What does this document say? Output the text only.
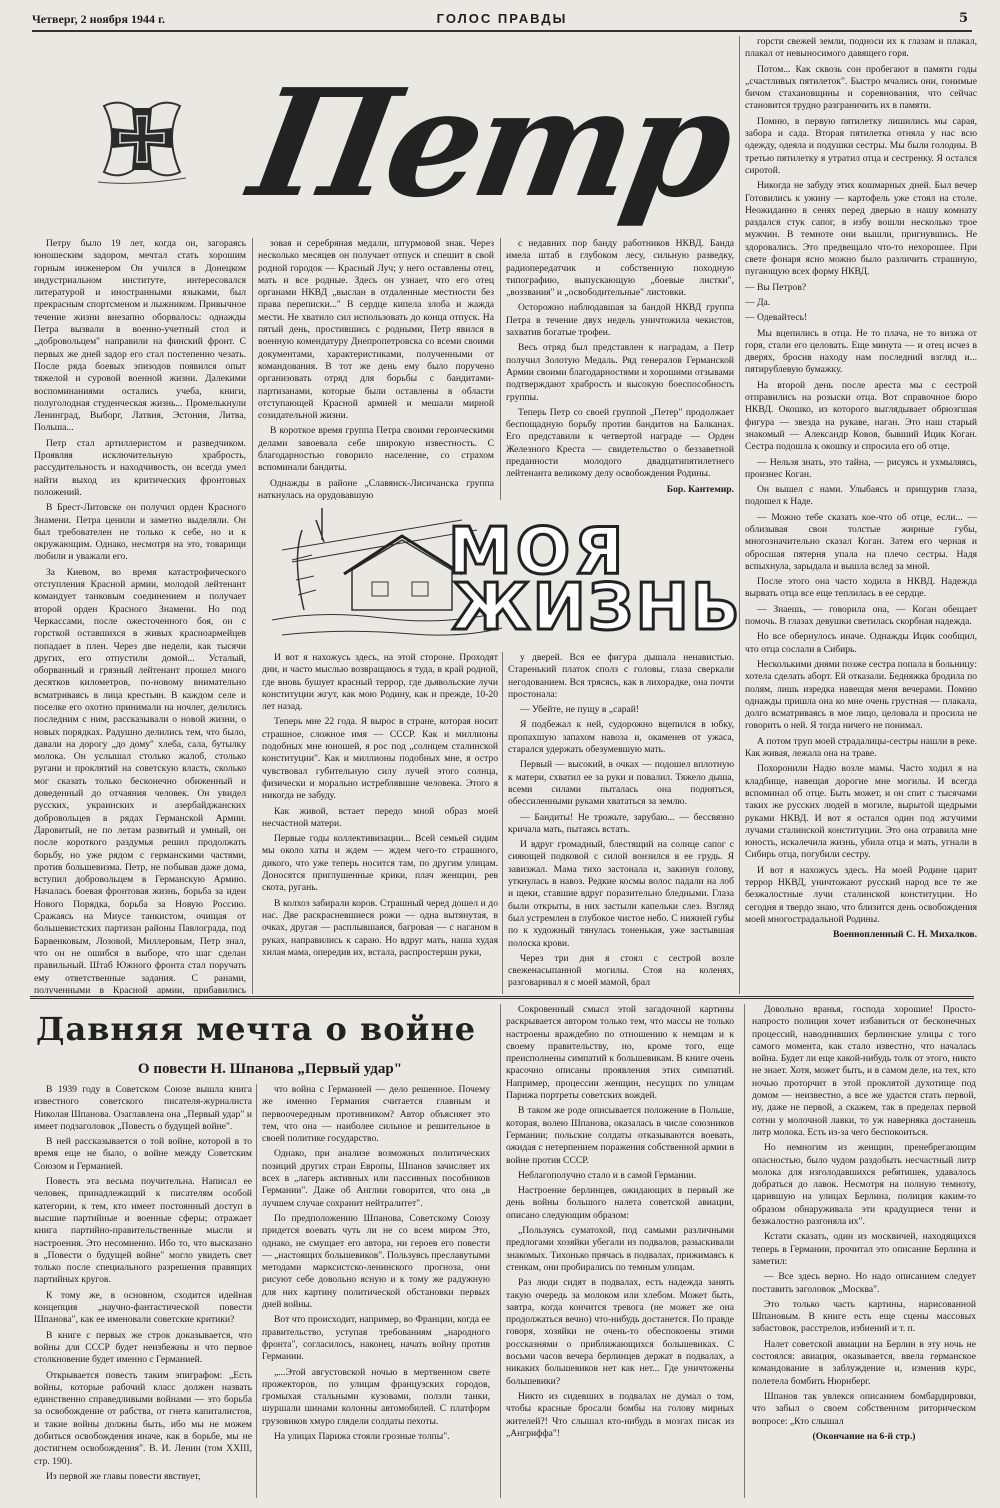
Четверг, 2 ноября 1944 г.	ГОЛОС ПРАВДЫ	5
Петр

Петру было 19 лет, когда он, загораясь юношеским задором, мечтал стать хорошим горным инженером Он учился в Донецком индустриальном институте, интересовался литературой и иностранными языками, был прекрасным спортсменом и лыжником. Привычное течение жизни внезапно оборвалось: однажды Петра вызвали в военно-учетный стол и „добровольцем" направили на финский фронт. С первых же дней задор его стал постепенно чезать. После ряда боевых эпизодов появился опыт тяжелой и суровой военной жизни. Далекими воспоминаниями остались учеба, книги, полуголодная студенческая жизнь... Промелькнули Ленинград, Выборг, Латвия, Эстония, Литва, Польша...

Петр стал артиллеристом и разведчиком. Проявляя исключительную храбрость, рассудительность и находчивость, он всегда умел найти выход из критических фронтовых положений.

В Брест-Литовске он получил орден Красного Знамени. Петра ценили и заметно выделяли. Он был требователен не только к себе, но и к окружающим. Однако, несмотря на это, товарищи любили и уважали его.

За Киевом, во время катастрофического отступления Красной армии, молодой лейтенант командует танковым соединением и получает второй орден Красного Знамени. Но под Черкассами, после ожесточенного боя, он с горсткой оставшихся в живых красноармейцев попадает в плен. Через две недели, как тысячи других, его отпустили домой... Усталый, оборванный и грязный лейтенант прошел много десятков километров, по-новому внимательно всматриваясь в лица крестьян. В каждом селе и поселке его охотно принимали на ночлег, делились последним с ним, рассказывали о новой жизни, о новых порядках. Радушно делились тем, что было, давали на дорогу „до дому" хлеба, сала, бутылку молока. Он услышал столько жалоб, столько ругани и проклятий на советскую власть, сколько мог сказать только бесконечно обиженный и доведенный до отчаяния человек. Он увидел русских, украинских и азербайджанских добровольцев в рядах Германской Армии. Даровитый, не по летам развитый и умный, он после короткого раздумья решил продолжать борьбу, но уже рядом с германскими частями, против большевизма. Петр, не побывав даже дома, вступил добровольцем в Германскую Армию. Началась боевая фронтовая жизнь, борьба за идеи Нового Порядка, борьба за Новую Россию. Сражаясь на Миусе танкистом, очищая от большевистских партизан районы Павлограда, под Барвенковым, Лозовой, Миллеровым, Петр знал, что он не ошибся в выборе, что шаг сделан правильный. Штаб Южного фронта стал поручать ему ответственные задания. С ранами, полученными в Красной армии, прибавились

зовая и серебряная медали, штурмовой знак. Через несколько месяцев он получает отпуск и спешит в свой родной городок — Красный Луч; у него оставлены отец, мать и все родные. Здесь он узнает, что его отец органами НКВД „выслан в отдаленные местности без права переписки..." В сердце кипела злоба и жажда мести. Не хватило сил использовать до конца отпуск. На пятый день, простившись с родными, Петр явился в военную комендатуру Днепропетровска со всеми своими документами, характеристиками, полученными от командования. В тот же день ему было поручено организовать отряд для борьбы с бандитами-партизанами, которые были оставлены в области отступающей Красной армией и мешали мирной созидательной жизни.

В короткое время группа Петра своими героическими делами завоевала себе широкую известность. С благодарностью говорило население, со страхом вспоминали бандиты.

Однажды в районе „Славянск-Лисичанска группа наткнулась на орудовавшую

с недавних пор банду работников НКВД. Банда имела штаб в глубоком лесу, сильную разведку, радиопередатчик и собственную походную типографию, выпускающую „боевые листки", „воззвания" и „освободительные" листовки.

Осторожно наблюдавшая за бандой НКВД группа Петра в течение двух недель уничтожила чекистов, захватив богатые трофеи.

Весь отряд был представлен к наградам, а Петр получил Золотую Медаль. Ряд генералов Германской Армии своими благодарностями и хорошими отзывами подтверждают храбрость и высокую боеспособность группы.

Теперь Петр со своей группой „Петер" продолжает беспощадную борьбу против бандитов на Балканах. Его представили к четвертой награде — Орден Железного Креста — свидетельство о беззаветной преданности молодого двадцатипятилетнего лейтенанта великому делу освобождения Родины.

Бор. Кантемир.

МОЯ
ЖИЗНЬ

И вот я нахожусь здесь, на этой стороне. Проходят дни, и часто мыслью возвращаюсь я туда, в край родной, где вновь бушует красный террор, где дьявольские лучи конституции жгут, как мою Родину, как и прежде, 10-20 лет назад.

Теперь мне 22 года. Я вырос в стране, которая носит страшное, сложное имя — СССР. Как и миллионы подобных мне юношей, я рос под „солнцем сталинской конституции". Как и миллионы подобных мне, я остро чувствовал губительную силу лучей этого солнца, физически и морально истреблявшие человека. Этого я никогда не забуду.

Как живой, встает передо мной образ моей несчастной матери.

Первые годы коллективизации... Всей семьей сидим мы около хаты и ждем — ждем чего-то страшного, дикого, что уже теперь носится там, по другим улицам. Доносятся приглушенные крики, плач женщин, рев скота, ругань.

В колхоз забирали коров. Страшный черед дошел и до нас. Две раскрасневшиеся рожи — одна вытянутая, в очках, другая — расплывшаяся, багровая — с наганом в руках, направились к сараю. Но вдруг мать, наша худая хилая мама, опередив их, встала, распростерши руки,

у дверей. Вся ее фигура дышала ненавистью. Старенький платок сполз с головы, глаза сверкали негодованием. Вся трясясь, как в лихорадке, она почти простонала:

— Убейте, не пущу в „сарай!

Я подбежал к ней, судорожно вцепился в юбку, пропахшую запахом навоза и, окаменев от ужаса, старался удержать обезумевшую мать.

Первый — высокий, в очках — подошел вплотную к матери, схватил ее за руки и повалил. Тяжело дыша, всеми силами пыталась она подняться, обессиленными руками хвататься за землю.

— Бандиты! Не трожьте, зарубаю... — бессвязно кричала мать, пытаясь встать.

И вдруг громадный, блестящий на солнце сапог с сияющей подковой с силой вонзился в ее грудь. Я завизжал. Мама тихо застонала и, закинув голову, уткнулась в навоз. Редкие космы волос падали на лоб и щеки, ставшие вдруг поразительно бледными. Глаза были открыты, в них застыли капельки слез. Взгляд был устремлен в глубокое чистое небо. С нижней губы по к художный тянулась тоненькая, уже застывшая полоска крови.

Через три дня я стоял с сестрой возле свеженасыпанной могилы. Стоя на коленях, разговаривал я с моей мамой, брал

горсти свежей земли, подноси их к глазам и плакал, плакал от невыносимого давящего горя.

Потом... Как сквозь сон пробегают в памяти годы „счастливых пятилеток". Быстро мчались они, гонимые бичом стахановщины и соревнования, что сейчас становится трудно разграничить их в памяти.

Помню, в первую пятилетку лишились мы сарая, забора и сада. Вторая пятилетка отняла у нас всю одежду, одеяла и подушки сестры. Мы были голодны. В третью пятилетку я утратил отца и сестренку. Я остался сиротой.

Никогда не забуду этих кошмарных дней. Был вечер Готовились к ужину — картофель уже стоял на столе. Неожиданно в сенях перед дверью в нашу комнату раздался стук сапог, в избу вошли несколько трое мужчин. В темноте они вышли, пригнувшись. Не здоровались. Это предвещало что-то нехорошее. При свете фонаря ясно можно было различить страшную, пугающую всех форму НКВД.

— Вы Петров?

— Да.

— Одевайтесь!

Мы вцепились в отца. Не то плача, не то визжа от горя, стали его целовать. Еще минута — и отец исчез в дверях, бросив находу нам последний взгляд и... пятирублевую бумажку.

На второй день после ареста мы с сестрой отправились на розыски отца. Вот справочное бюро НКВД. Окошко, из которого выглядывает обрюзгшая фигура — звезда на рукаве, наган. Это наш старый знакомый — Александр Ковов, бывший Ицик Коган. Сестра подошла к окошку и спросила его об отце.

— Нельзя знать, это тайна, — рисуясь и ухмыляясь, произнес Коган.

Он вышел с нами. Улыбаясь и прищурив глаза, подошел к Наде.

— Можно тебе сказать кое-что об отце, если... — облизывая свои толстые жирные губы, многозначительно сказал Коган. Затем его черная и обросшая пятерня упала на плечо сестры. Надя вспыхнула, зарыдала и вышла вслед за мной.

После этого она часто ходила в НКВД. Надежда вырвать отца все еще теплилась в ее сердце.

— Знаешь, — говорила она, — Коган обещает помочь. В глазах девушки светилась скорбная надежда.

Но все обернулось иначе. Однажды Ицик сообщил, что отца сослали в Сибирь.

Несколькими днями позже сестра попала в больницу: хотела сделать аборт. Ей отказали. Бедняжка бродила по полям, лишь изредка навещая меня вечерами. Помню однажды пришла она ко мне очень грустная — плакала, долго всматриваясь в мое лицо, целовала и просила не говорить о ней. Я тогда ничего не понимал.

А потом труп моей страдалицы-сестры нашли в реке. Как живая, лежала она на траве.

Похоронили Надю возле мамы. Часто ходил я на кладбище, навещая дорогие мне могилы. И всегда вспоминал об отце. Быть может, и он спит с тысячами таких же русских людей в могиле, вырытой щедрыми руками НКВД. И вот я остался один под жгучими лучами сталинской конституции. Это она отравила мне юность, искалечила жизнь, убила отца и мать, угнали в Сибирь отца, погубили сестру.

И вот я нахожусь здесь. На моей Родине царит террор НКВД, уничтожают русский народ все те же безжалостные лучи сталинской конституции. Но сегодня я твердо знаю, что близится день освобождения моей многострадальной Родины.

Военнопленный С. Н. Михалков.

Давняя мечта о войне
О повести Н. Шпанова „Первый удар"

В 1939 году в Советском Союзе вышла книга известного советского писателя-журналиста Николая Шпанова. Озаглавлена она „Первый удар" и имеет подзаголовок „Повесть о будущей войне".

В ней рассказывается о той войне, которой в то время еще не было, о войне между Советским Союзом и Германией.

Повесть эта весьма поучительна. Написал ее человек, принадлежащий к писателям особой категории, к тем, кто имеет постоянный доступ в высшие партийные и военные сферы; отражает книга партийно-правительственные мысли и настроения. Это несомненно. Ибо то, что высказано в „Повести о будущей войне" могло увидеть свет только после специального разрешения правящих партийных кругов.

К тому же, в основном, сходится идейная концепция „научно-фантастической повести Шпанова", как ее именовали советские критики?

В книге с первых же строк доказывается, что войны для СССР будет неизбежны и что первое столкновение будет именно с Германией.

Открывается повесть таким эпиграфом: „Есть войны, которые рабочий класс должен назвать единственно справедливыми войнами — это борьба за освобождение от рабства, от гнета капиталистов, и такие войны должны быть, ибо мы не можем добиться освобождения иначе, как в борьбе, мы не достигнем освобождения". В. И. Ленин (том XXIII, стр. 190).

Из первой же главы повести явствует,

что война с Германией — дело решенное. Почему же именно Германия считается главным и первоочередным противником? Автор объясняет это тем, что она — наиболее сильное и решительное в своей политике государство.

Однако, при анализе возможных политических позиций других стран Европы, Шпанов зачисляет их всех в „лагерь активных или пассивных пособников Германии". Даже об Англии говорится, что она „в лучшем случае сохранит нейтралитет".

По предположению Шпанова, Советскому Союзу придется воевать чуть ли не со всем миром Это, однако, не смущает его автора, ни героев его повести — „настоящих большевиков". Пользуясь преславутыми методами марксистско-ленинского прогноза, они рисуют себе довольно ясную и к тому же радужную для них картину политической обстановки первых дней войны.

Вот что происходит, например, во Франции, когда ее правительство, уступая требованиям „народного фронта", согласилось, наконец, начать войну против Германии.

„...Этой августовской ночью в мертвенном свете прожекторов, по улицам французских городов, громыхая стальными кузовами, ползли танки, шуршали шинами колонны автомобилей. С платформ грузовиков хмуро глядели солдаты пехоты.

На улицах Парижа стояли грозные толпы".

Сокровенный смысл этой загадочной картины раскрывается автором только тем, что массы не только настроены враждебно по отношению к немцам и к своему правительству, но, кроме того, еще преисполнены симпатий к большевикам. В книге очень красочно описаны проявления этих симпатий. Например, процессии женщин, несущих по улицам Парижа портреты советских вождей.

В таком же роде описывается положение в Польше, которая, волею Шпанова, оказалась в числе союзников Германии; польские солдаты отказываются воевать, ожидая с нетерпением поражения собственной армии в войне против СССР.

Неблагополучно стало и в самой Германии.

Настроение берлинцев, ожидающих в первый же день войны большого налета советской авиации, описано следующим образом:

„Пользуясь суматохой, под самыми различными предлогами хозяйки убегали из подвалов, разыскивали знакомых. Тихонько прячась в подвалах, прижимаясь к стенкам, они пробирались по темным улицам.

Раз люди сидят в подвалах, есть надежда занять такую очередь за молоком или хлебом. Может быть, завтра, когда кончится тревога (не может же она продолжаться вечно) что-нибудь достанется. По правде говоря, хозяйки не очень-то обеспокоены этими россказнями о приближающихся большевиках. С восьми часов вечера берлинцев держат в подвалах, а никаких большевиков нет как нет... Где уничтожены большевики?

Никто из сидевших в подвалах не думал о том, чтобы красные бросали бомбы на голову мирных жителей?! Что слышал кто-нибудь в мозгах писак из „Ангриффа"!

Довольно вранья, господа хорошие! Просто-напросто полиция хочет избавиться от бесконечных процессий, наводнивших берлинские улицы с того самого момента, как стало известно, что началась война. Будет ли еще какой-нибудь толк от этого, никто не знает. Хотя, может быть, и в самом деле, на тех, кто ночью проторчит в этой проклятой духотище под домом — неизвестно, а все же удастся стать первой, ну, даже не первой, а скажем, так в пределах первой сотни у молочной лавки, то уж наверняка достанешь литр молока. Есть из-за чего беспокоиться.

Но немногим из женщин, пренебрегающим опасностью, было чудом раздобыть несчастный литр молока для изголодавшихся ребятишек, удавалось добраться до лавок. Несмотря на полную темноту, царившую на улицах Берлина, полиция каким-то образом обнаруживала эти крадущиеся тени и безжалостно разгоняла их".

Кстати сказать, один из москвичей, находящихся теперь в Германии, прочитал это описание Берлина и заметил:

— Все здесь верно. Но надо описанием следует поставить заголовок „Москва".

Это только часть картины, нарисованной Шпановым. В книге есть еще сцены массовых забастовок, расстрелов, избиений и т. п.

Налет советской авиации на Берлин в эту ночь не состоялся: авиация, оказывается, ввела германское командование в заблуждение и, изменив курс, полетела бомбить Нюрнберг.

Шпанов так увлекся описанием бомбардировки, что забыл о своем собственном риторическом вопросе: „Кто слышал

(Окончание на 6-й стр.)
